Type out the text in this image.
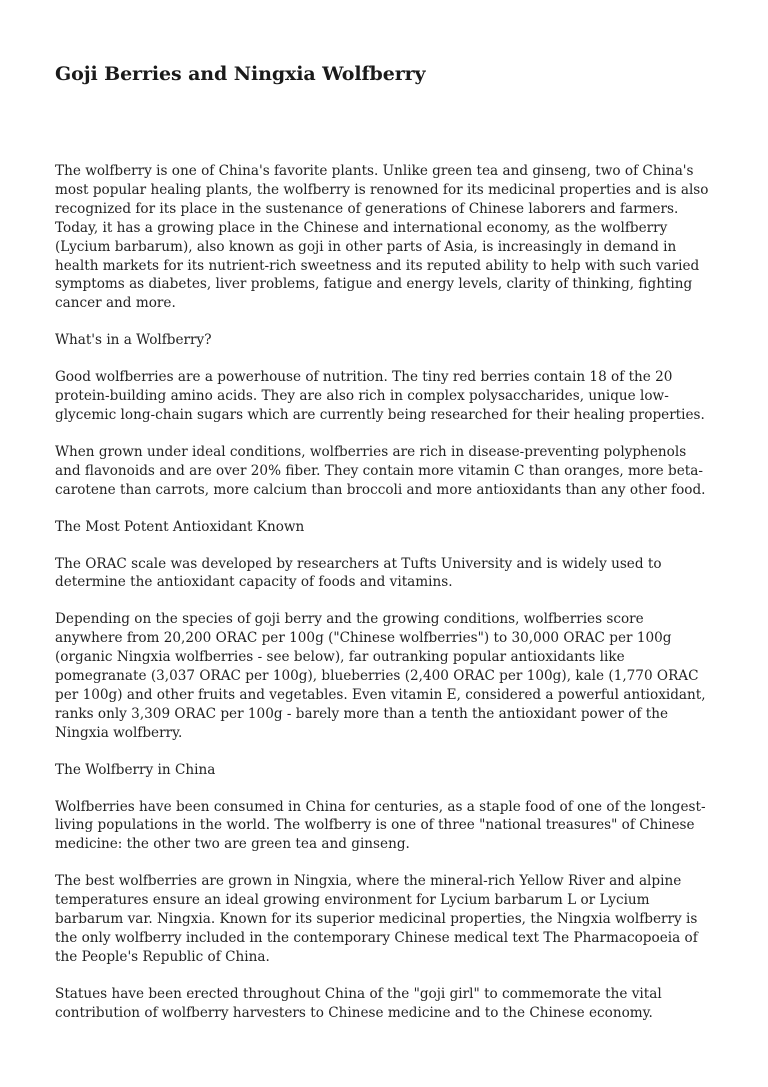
Goji Berries and Ningxia Wolfberry

The wolfberry is one of China's favorite plants. Unlike green tea and ginseng, two of China's most popular healing plants, the wolfberry is renowned for its medicinal properties and is also recognized for its place in the sustenance of generations of Chinese laborers and farmers. Today, it has a growing place in the Chinese and international economy, as the wolfberry (Lycium barbarum), also known as goji in other parts of Asia, is increasingly in demand in health markets for its nutrient-rich sweetness and its reputed ability to help with such varied symptoms as diabetes, liver problems, fatigue and energy levels, clarity of thinking, fighting cancer and more.

What's in a Wolfberry?

Good wolfberries are a powerhouse of nutrition. The tiny red berries contain 18 of the 20 protein-building amino acids. They are also rich in complex polysaccharides, unique low-glycemic long-chain sugars which are currently being researched for their healing properties.

When grown under ideal conditions, wolfberries are rich in disease-preventing polyphenols and flavonoids and are over 20% fiber. They contain more vitamin C than oranges, more beta-carotene than carrots, more calcium than broccoli and more antioxidants than any other food.

The Most Potent Antioxidant Known

The ORAC scale was developed by researchers at Tufts University and is widely used to determine the antioxidant capacity of foods and vitamins.

Depending on the species of goji berry and the growing conditions, wolfberries score anywhere from 20,200 ORAC per 100g ("Chinese wolfberries") to 30,000 ORAC per 100g (organic Ningxia wolfberries - see below), far outranking popular antioxidants like pomegranate (3,037 ORAC per 100g), blueberries (2,400 ORAC per 100g), kale (1,770 ORAC per 100g) and other fruits and vegetables. Even vitamin E, considered a powerful antioxidant, ranks only 3,309 ORAC per 100g - barely more than a tenth the antioxidant power of the Ningxia wolfberry.

The Wolfberry in China

Wolfberries have been consumed in China for centuries, as a staple food of one of the longest-living populations in the world. The wolfberry is one of three "national treasures" of Chinese medicine: the other two are green tea and ginseng.

The best wolfberries are grown in Ningxia, where the mineral-rich Yellow River and alpine temperatures ensure an ideal growing environment for Lycium barbarum L or Lycium barbarum var. Ningxia. Known for its superior medicinal properties, the Ningxia wolfberry is the only wolfberry included in the contemporary Chinese medical text The Pharmacopoeia of the People's Republic of China.

Statues have been erected throughout China of the "goji girl" to commemorate the vital contribution of wolfberry harvesters to Chinese medicine and to the Chinese economy.
